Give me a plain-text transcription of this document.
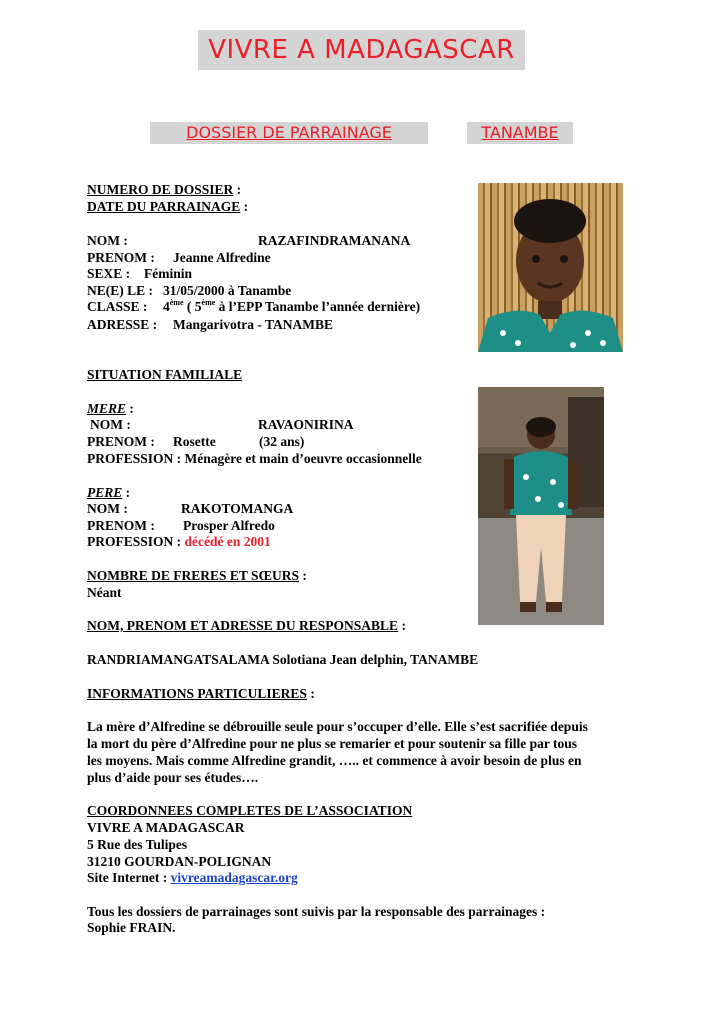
VIVRE A MADAGASCAR
DOSSIER DE PARRAINAGE	TANAMBE
NUMERO DE DOSSIER :
DATE DU PARRAINAGE :
NOM :	RAZAFINDRAMANANA
PRENOM : Jeanne Alfredine
SEXE : Féminin
NE(E) LE : 31/05/2000 à Tanambe
CLASSE : 4ème ( 5ème à l’EPP Tanambe l’année dernière)
ADRESSE : Mangarivotra - TANAMBE
SITUATION FAMILIALE
MERE :
NOM :	RAVAONIRINA
PRENOM : Rosette	(32 ans)
PROFESSION : Ménagère et main d’oeuvre occasionnelle
PERE :
NOM :	RAKOTOMANGA
PRENOM : Prosper Alfredo
PROFESSION : décédé en 2001
NOMBRE DE FRERES ET SŒURS :
Néant
NOM, PRENOM ET ADRESSE DU RESPONSABLE :
RANDRIAMANGATSALAMA Solotiana Jean delphin, TANAMBE
INFORMATIONS PARTICULIERES :
La mère d’Alfredine se débrouille seule pour s’occuper d’elle. Elle s’est sacrifiée depuis
la mort du père d’Alfredine pour ne plus se remarier et pour soutenir sa fille par tous
les moyens. Mais comme Alfredine grandit, ….. et commence à avoir besoin de plus en
plus d’aide pour ses études….
COORDONNEES COMPLETES DE L’ASSOCIATION
VIVRE A MADAGASCAR
5 Rue des Tulipes
31210 GOURDAN-POLIGNAN
Site Internet : vivreamadagascar.org
Tous les dossiers de parrainages sont suivis par la responsable des parrainages :
Sophie FRAIN.
